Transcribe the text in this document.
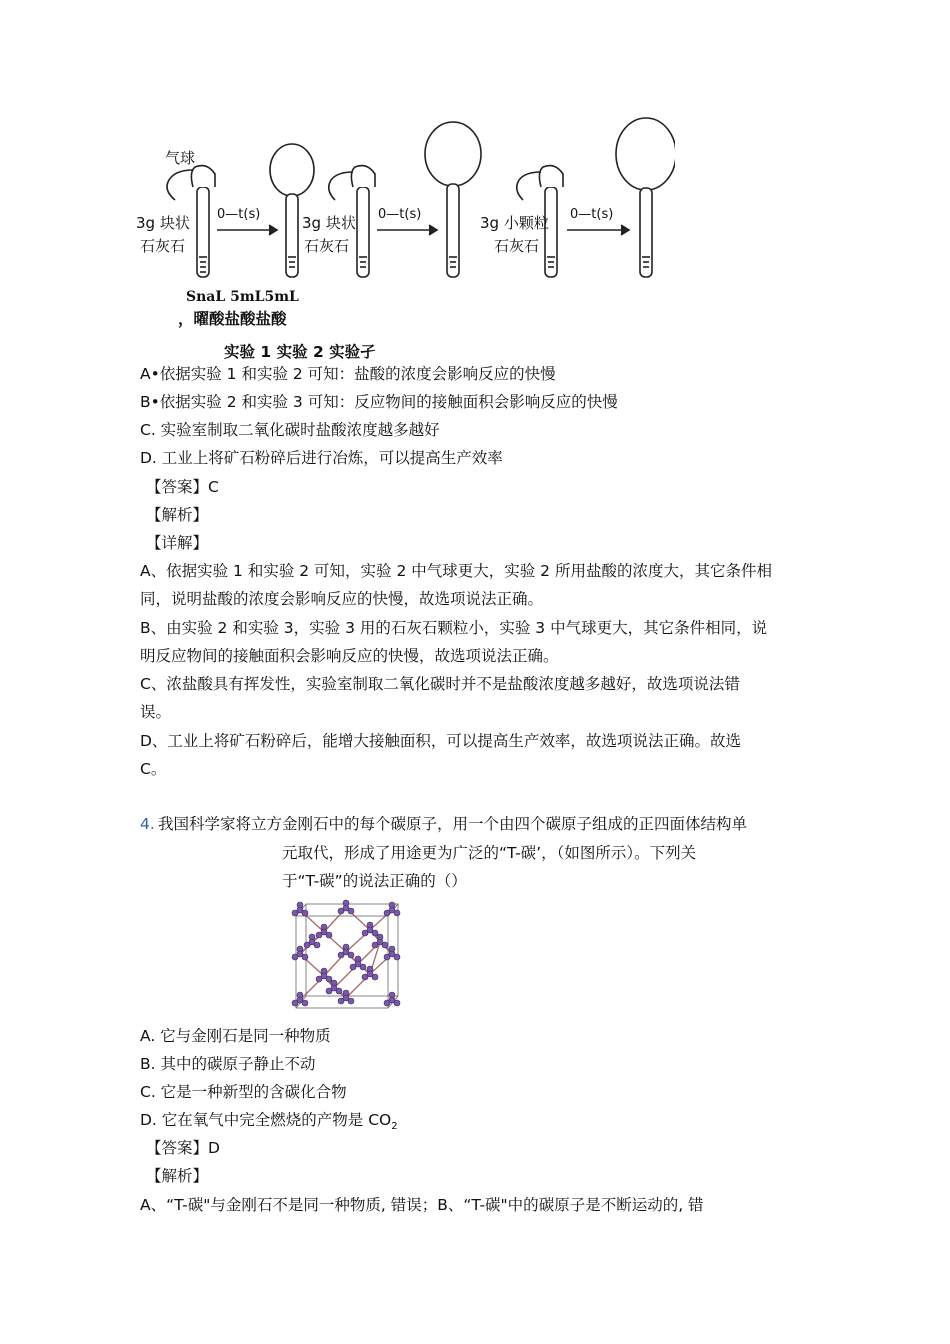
气球
3g 块状
石灰石
0—t(s)	3g 块状
石灰石
0—t(s)	3g 小颗粒
石灰石
0—t(s)
SnaL 5mL5mL
，曜酸盐酸盐酸
实验 1 实验 2 实验孑
A•依据实验 1 和实验 2 可知：盐酸的浓度会影响反应的快慢
B•依据实验 2 和实验 3 可知：反应物间的接触面积会影响反应的快慢
C. 实验室制取二氧化碳时盐酸浓度越多越好
D. 工业上将矿石粉碎后进行冶炼，可以提高生产效率
【答案】C
【解析】
【详解】
A、依据实验 1 和实验 2 可知，实验 2 中气球更大，实验 2 所用盐酸的浓度大，其它条件相
同，说明盐酸的浓度会影响反应的快慢，故选项说法正确。
B、由实验 2 和实验 3，实验 3 用的石灰石颗粒小，实验 3 中气球更大，其它条件相同，说
明反应物间的接触面积会影响反应的快慢，故选项说法正确。
C、浓盐酸具有挥发性，实验室制取二氧化碳时并不是盐酸浓度越多越好，故选项说法错
误。
D、工业上将矿石粉碎后，能增大接触面积，可以提高生产效率，故选项说法正确。故选
C。
4. 我国科学家将立方金刚石中的每个碳原子，用一个由四个碳原子组成的正四面体结构单
元取代，形成了用途更为广泛的“T-碳’，（如图所示）。下列关
于“T-碳”的说法正确的（）
A. 它与金刚石是同一种物质
B. 其中的碳原子静止不动
C. 它是一种新型的含碳化合物
D. 它在氧气中完全燃烧的产物是 $CO_2$
【答案】D
【解析】
A、“T-碳"与金刚石不是同一种物质, 错误；B、“T-碳"中的碳原子是不断运动的, 错
